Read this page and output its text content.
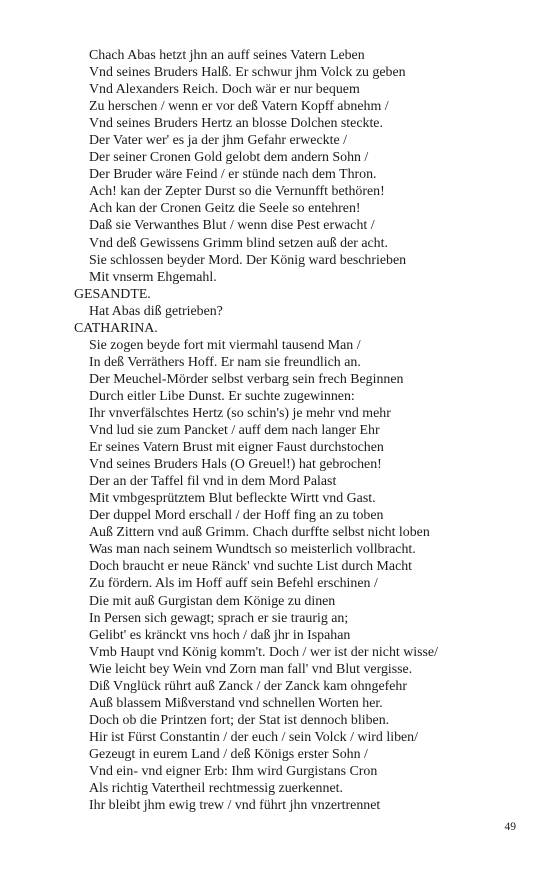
Chach Abas hetzt jhn an auff seines Vatern Leben
Vnd seines Bruders Halß. Er schwur jhm Volck zu geben
Vnd Alexanders Reich. Doch wär er nur bequem
Zu herschen / wenn er vor deß Vatern Kopff abnehm /
Vnd seines Bruders Hertz an blosse Dolchen steckte.
Der Vater wer' es ja der jhm Gefahr erweckte /
Der seiner Cronen Gold gelobt dem andern Sohn /
Der Bruder wäre Feind / er stünde nach dem Thron.
Ach! kan der Zepter Durst so die Vernunfft bethören!
Ach kan der Cronen Geitz die Seele so entehren!
Daß sie Verwanthes Blut / wenn dise Pest erwacht /
Vnd deß Gewissens Grimm blind setzen auß der acht.
Sie schlossen beyder Mord. Der König ward beschrieben
Mit vnserm Ehgemahl.
GESANDTE.
Hat Abas diß getrieben?
CATHARINA.
Sie zogen beyde fort mit viermahl tausend Man /
In deß Verräthers Hoff. Er nam sie freundlich an.
Der Meuchel-Mörder selbst verbarg sein frech Beginnen
Durch eitler Libe Dunst. Er suchte zugewinnen:
Ihr vnverfälschtes Hertz (so schin's) je mehr vnd mehr
Vnd lud sie zum Pancket / auff dem nach langer Ehr
Er seines Vatern Brust mit eigner Faust durchstochen
Vnd seines Bruders Hals (O Greuel!) hat gebrochen!
Der an der Taffel fil vnd in dem Mord Palast
Mit vmbgesprütztem Blut befleckte Wirtt vnd Gast.
Der duppel Mord erschall / der Hoff fing an zu toben
Auß Zittern vnd auß Grimm. Chach durffte selbst nicht loben
Was man nach seinem Wundtsch so meisterlich vollbracht.
Doch braucht er neue Ränck' vnd suchte List durch Macht
Zu fördern. Als im Hoff auff sein Befehl erschinen /
Die mit auß Gurgistan dem Könige zu dinen
In Persen sich gewagt; sprach er sie traurig an;
Gelibt' es kränckt vns hoch / daß jhr in Ispahan
Vmb Haupt vnd König komm't. Doch / wer ist der nicht wisse/
Wie leicht bey Wein vnd Zorn man fall' vnd Blut vergisse.
Diß Vnglück rührt auß Zanck / der Zanck kam ohngefehr
Auß blassem Mißverstand vnd schnellen Worten her.
Doch ob die Printzen fort; der Stat ist dennoch bliben.
Hir ist Fürst Constantin / der euch / sein Volck / wird liben/
Gezeugt in eurem Land / deß Königs erster Sohn /
Vnd ein- vnd eigner Erb: Ihm wird Gurgistans Cron
Als richtig Vatertheil rechtmessig zuerkennet.
Ihr bleibt jhm ewig trew / vnd führt jhn vnzertrennet
49
